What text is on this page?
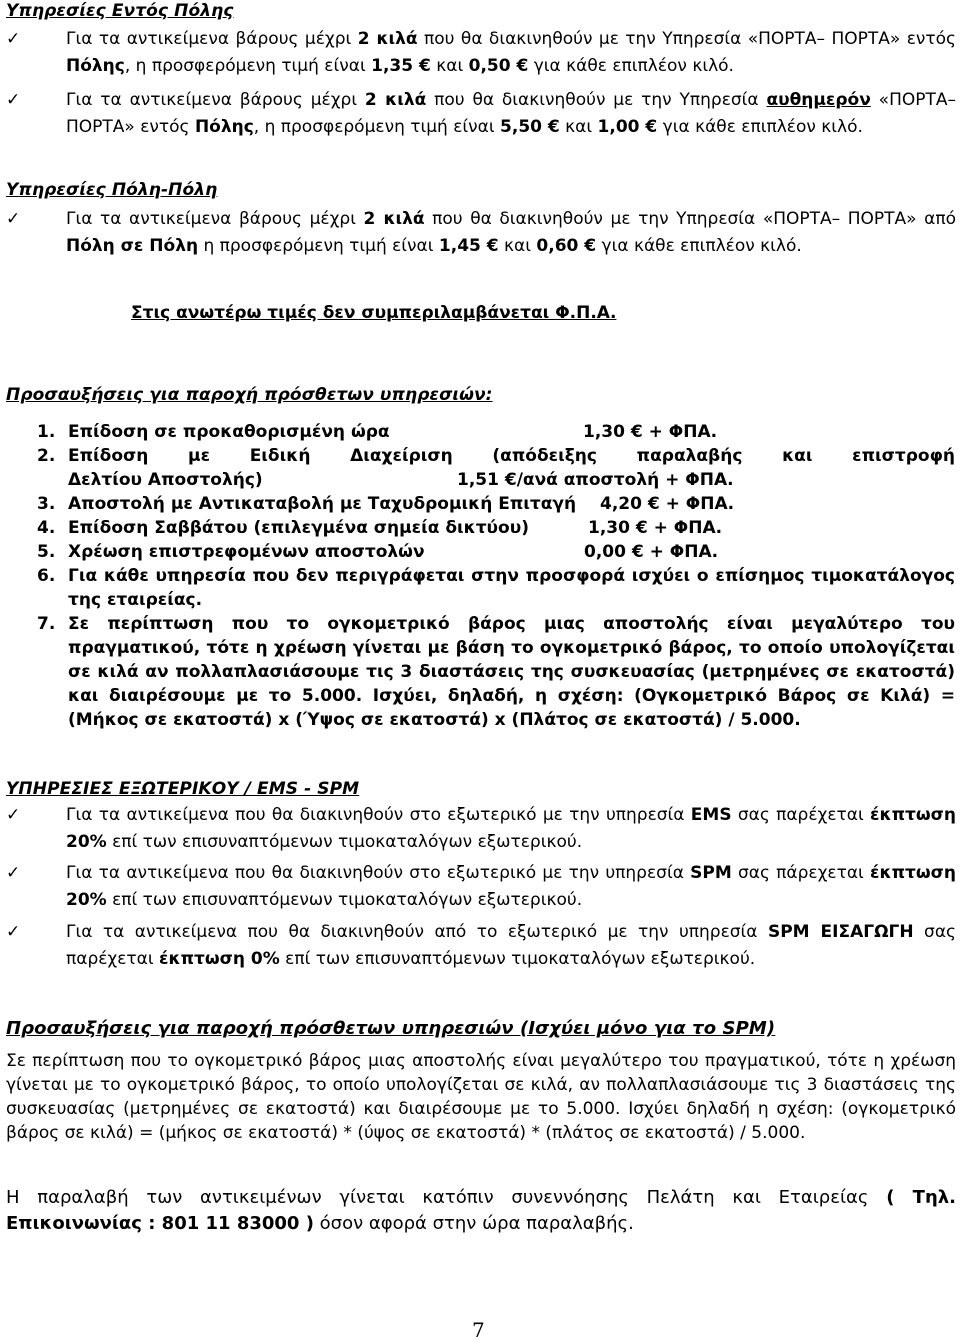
Υπηρεσίες Εντός Πόλης
✓	Για τα αντικείμενα βάρους μέχρι 2 κιλά που θα διακινηθούν με την Υπηρεσία «ΠΟΡΤΑ– ΠΟΡΤΑ» εντός Πόλης, η προσφερόμενη τιμή είναι 1,35 € και 0,50 € για κάθε επιπλέον κιλό.
✓	Για τα αντικείμενα βάρους μέχρι 2 κιλά που θα διακινηθούν με την Υπηρεσία αυθημερόν «ΠΟΡΤΑ–ΠΟΡΤΑ» εντός Πόλης, η προσφερόμενη τιμή είναι 5,50 € και 1,00 € για κάθε επιπλέον κιλό.
Υπηρεσίες Πόλη-Πόλη
✓	Για τα αντικείμενα βάρους μέχρι 2 κιλά που θα διακινηθούν με την Υπηρεσία «ΠΟΡΤΑ– ΠΟΡΤΑ» από Πόλη σε Πόλη η προσφερόμενη τιμή είναι 1,45 € και 0,60 € για κάθε επιπλέον κιλό.
Στις ανωτέρω τιμές δεν συμπεριλαμβάνεται Φ.Π.Α.
Προσαυξήσεις για παροχή πρόσθετων υπηρεσιών:
1. Επίδοση σε προκαθορισμένη ώρα	1,30 € + ΦΠΑ.
2. Επίδοση με Ειδική Διαχείριση (απόδειξης παραλαβής και επιστροφή
Δελτίου Αποστολής)	1,51 €/ανά αποστολή + ΦΠΑ.
3. Αποστολή με Αντικαταβολή με Ταχυδρομική Επιταγή	4,20 € + ΦΠΑ.
4. Επίδοση Σαββάτου (επιλεγμένα σημεία δικτύου)	1,30 € + ΦΠΑ.
5. Χρέωση επιστρεφομένων αποστολών	0,00 € + ΦΠΑ.
6. Για κάθε υπηρεσία που δεν περιγράφεται στην προσφορά ισχύει ο επίσημος τιμοκατάλογος της εταιρείας.
7. Σε περίπτωση που το ογκομετρικό βάρος μιας αποστολής είναι μεγαλύτερο του πραγματικού, τότε η χρέωση γίνεται με βάση το ογκομετρικό βάρος, το οποίο υπολογίζεται σε κιλά αν πολλαπλασιάσουμε τις 3 διαστάσεις της συσκευασίας (μετρημένες σε εκατοστά) και διαιρέσουμε με το 5.000. Ισχύει, δηλαδή, η σχέση: (Ογκομετρικό Βάρος σε Κιλά) = (Μήκος σε εκατοστά) x (Ύψος σε εκατοστά) x (Πλάτος σε εκατοστά) / 5.000.
ΥΠΗΡΕΣΙΕΣ ΕΞΩΤΕΡΙΚΟΥ / EMS - SPM
✓	Για τα αντικείμενα που θα διακινηθούν στο εξωτερικό με την υπηρεσία EMS σας παρέχεται έκπτωση 20% επί των επισυναπτόμενων τιμοκαταλόγων εξωτερικού.
✓	Για τα αντικείμενα που θα διακινηθούν στο εξωτερικό με την υπηρεσία SPM σας πάρεχεται έκπτωση 20% επί των επισυναπτόμενων τιμοκαταλόγων εξωτερικού.
✓	Για τα αντικείμενα που θα διακινηθούν από το εξωτερικό με την υπηρεσία SPM ΕΙΣΑΓΩΓΗ σας παρέχεται έκπτωση 0% επί των επισυναπτόμενων τιμοκαταλόγων εξωτερικού.
Προσαυξήσεις για παροχή πρόσθετων υπηρεσιών (Ισχύει μόνο για το SPM)
Σε περίπτωση που το ογκομετρικό βάρος μιας αποστολής είναι μεγαλύτερο του πραγματικού, τότε η χρέωση γίνεται με το ογκομετρικό βάρος, το οποίο υπολογίζεται σε κιλά, αν πολλαπλασιάσουμε τις 3 διαστάσεις της συσκευασίας (μετρημένες σε εκατοστά) και διαιρέσουμε με το 5.000. Ισχύει δηλαδή η σχέση: (ογκομετρικό βάρος σε κιλά) = (μήκος σε εκατοστά) * (ύψος σε εκατοστά) * (πλάτος σε εκατοστά) / 5.000.
Η παραλαβή των αντικειμένων γίνεται κατόπιν συνεννόησης Πελάτη και Εταιρείας ( Τηλ. Επικοινωνίας : 801 11 83000 ) όσον αφορά στην ώρα παραλαβής.
7
